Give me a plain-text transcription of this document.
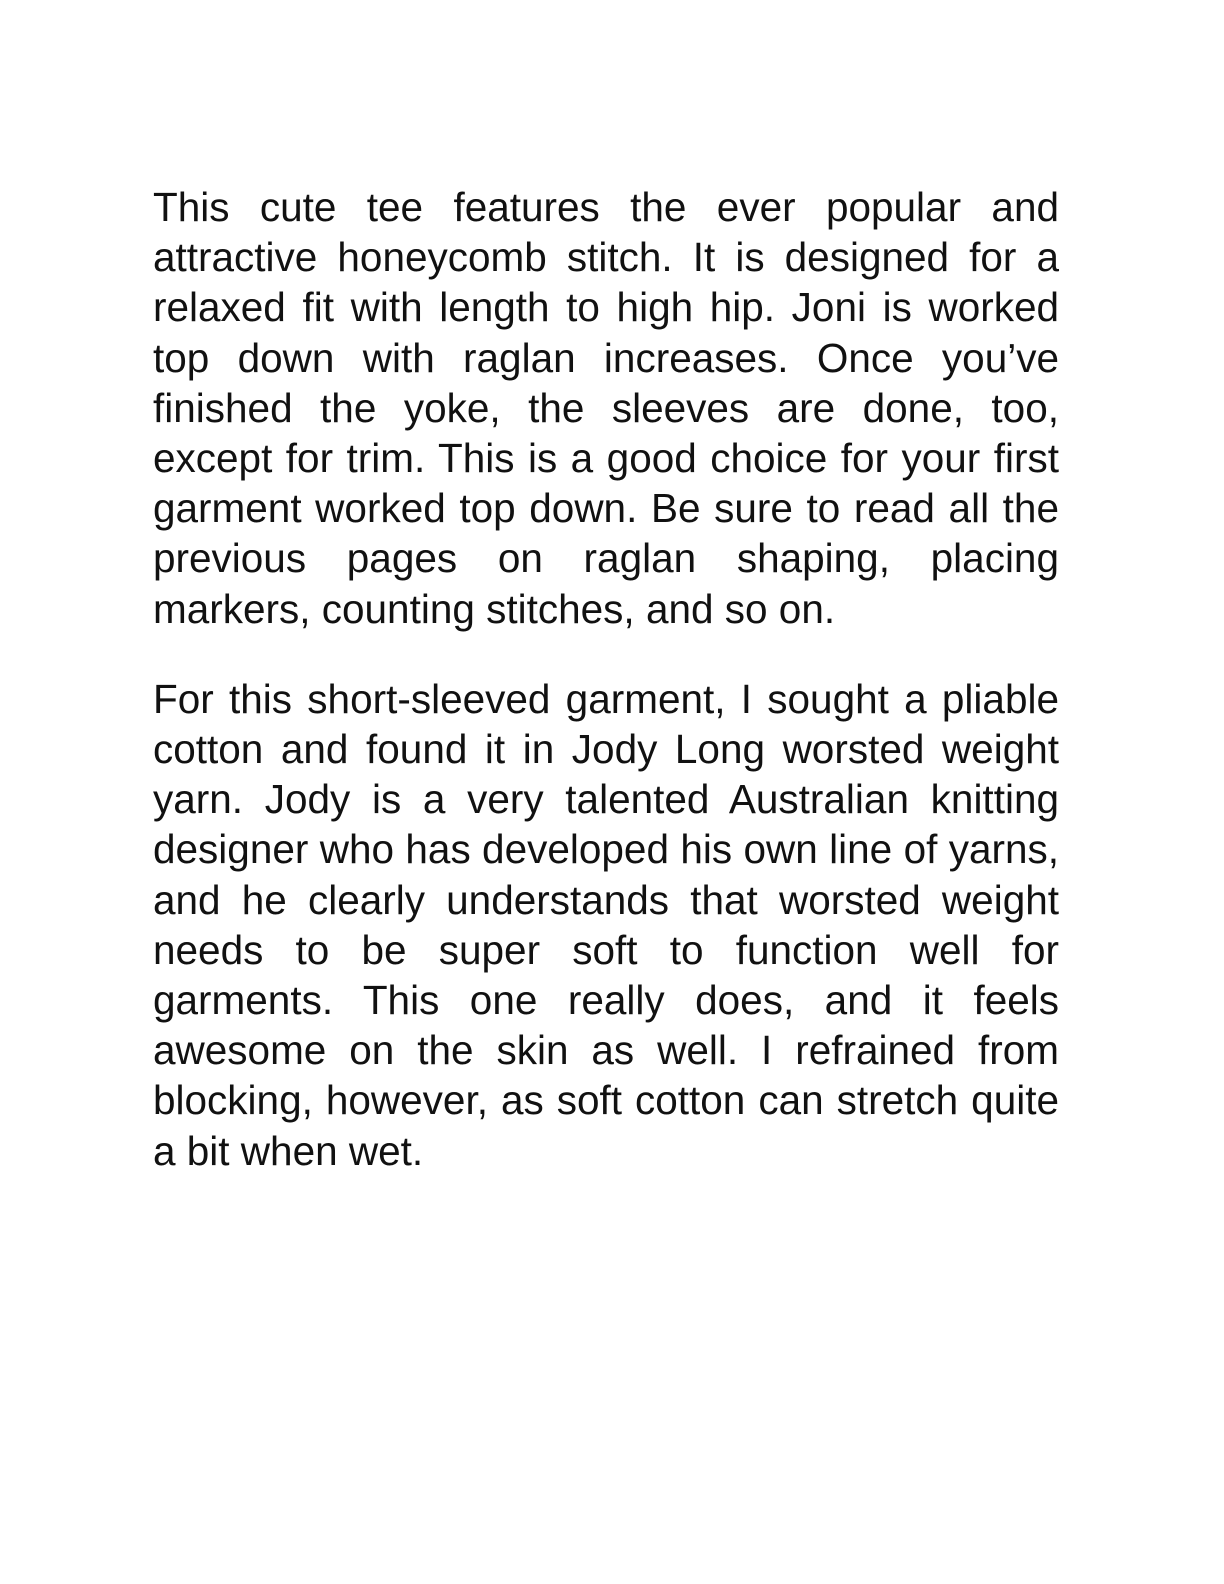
This cute tee features the ever popular and attractive honeycomb stitch. It is designed for a relaxed fit with length to high hip. Joni is worked top down with raglan increases. Once you’ve finished the yoke, the sleeves are done, too, except for trim. This is a good choice for your first garment worked top down. Be sure to read all the previous pages on raglan shaping, placing markers, counting stitches, and so on.

For this short-sleeved garment, I sought a pliable cotton and found it in Jody Long worsted weight yarn. Jody is a very talented Australian knitting designer who has developed his own line of yarns, and he clearly understands that worsted weight needs to be super soft to function well for garments. This one really does, and it feels awesome on the skin as well. I refrained from blocking, however, as soft cotton can stretch quite a bit when wet.
